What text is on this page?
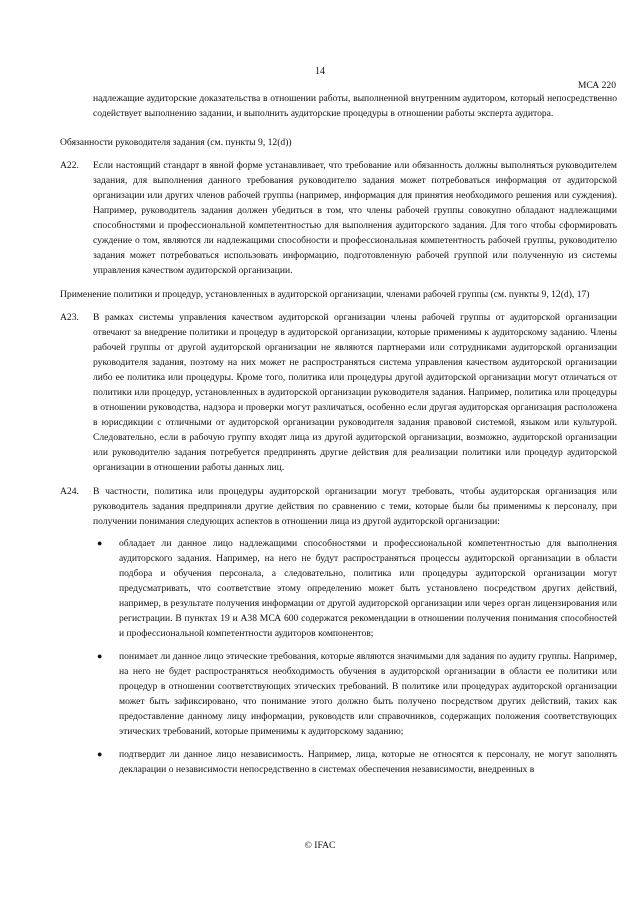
14
МСА 220

надлежащие аудиторские доказательства в отношении работы, выполненной внутренним аудитором, который непосредственно содействует выполнению задании, и выполнить аудиторские процедуры в отношении работы эксперта аудитора.

Обязанности руководителя задания (см. пункты 9, 12(d))

A22. Если настоящий стандарт в явной форме устанавливает, что требование или обязанность должны выполняться руководителем задания, для выполнения данного требования руководителю задания может потребоваться информация от аудиторской организации или других членов рабочей группы (например, информация для принятия необходимого решения или суждения). Например, руководитель задания должен убедиться в том, что члены рабочей группы совокупно обладают надлежащими способностями и профессиональной компетентностью для выполнения аудиторского задания. Для того чтобы сформировать суждение о том, являются ли надлежащими способности и профессиональная компетентность рабочей группы, руководителю задания может потребоваться использовать информацию, подготовленную рабочей группой или полученную из системы управления качеством аудиторской организации.

Применение политики и процедур, установленных в аудиторской организации, членами рабочей группы (см. пункты 9, 12(d), 17)

A23. В рамках системы управления качеством аудиторской организации члены рабочей группы от аудиторской организации отвечают за внедрение политики и процедур в аудиторской организации, которые применимы к аудиторскому заданию. Члены рабочей группы от другой аудиторской организации не являются партнерами или сотрудниками аудиторской организации руководителя задания, поэтому на них может не распространяться система управления качеством аудиторской организации либо ее политика или процедуры. Кроме того, политика или процедуры другой аудиторской организации могут отличаться от политики или процедур, установленных в аудиторской организации руководителя задания. Например, политика или процедуры в отношении руководства, надзора и проверки могут различаться, особенно если другая аудиторская организация расположена в юрисдикции с отличными от аудиторской организации руководителя задания правовой системой, языком или культурой. Следовательно, если в рабочую группу входят лица из другой аудиторской организации, возможно, аудиторской организации или руководителю задания потребуется предпринять другие действия для реализации политики или процедур аудиторской организации в отношении работы данных лиц.

A24. В частности, политика или процедуры аудиторской организации могут требовать, чтобы аудиторская организация или руководитель задания предприняли другие действия по сравнению с теми, которые были бы применимы к персоналу, при получении понимания следующих аспектов в отношении лица из другой аудиторской организации:

● обладает ли данное лицо надлежащими способностями и профессиональной компетентностью для выполнения аудиторского задания. Например, на него не будут распространяться процессы аудиторской организации в области подбора и обучения персонала, а следовательно, политика или процедуры аудиторской организации могут предусматривать, что соответствие этому определению может быть установлено посредством других действий, например, в результате получения информации от другой аудиторской организации или через орган лицензирования или регистрации. В пунктах 19 и А38 МСА 600 содержатся рекомендации в отношении получения понимания способностей и профессиональной компетентности аудиторов компонентов;

● понимает ли данное лицо этические требования, которые являются значимыми для задания по аудиту группы. Например, на него не будет распространяться необходимость обучения в аудиторской организации в области ее политики или процедур в отношении соответствующих этических требований. В политике или процедурах аудиторской организации может быть зафиксировано, что понимание этого должно быть получено посредством других действий, таких как предоставление данному лицу информации, руководств или справочников, содержащих положения соответствующих этических требований, которые применимы к аудиторскому заданию;

● подтвердит ли данное лицо независимость. Например, лица, которые не относятся к персоналу, не могут заполнять декларации о независимости непосредственно в системах обеспечения независимости, внедренных в

© IFAC
